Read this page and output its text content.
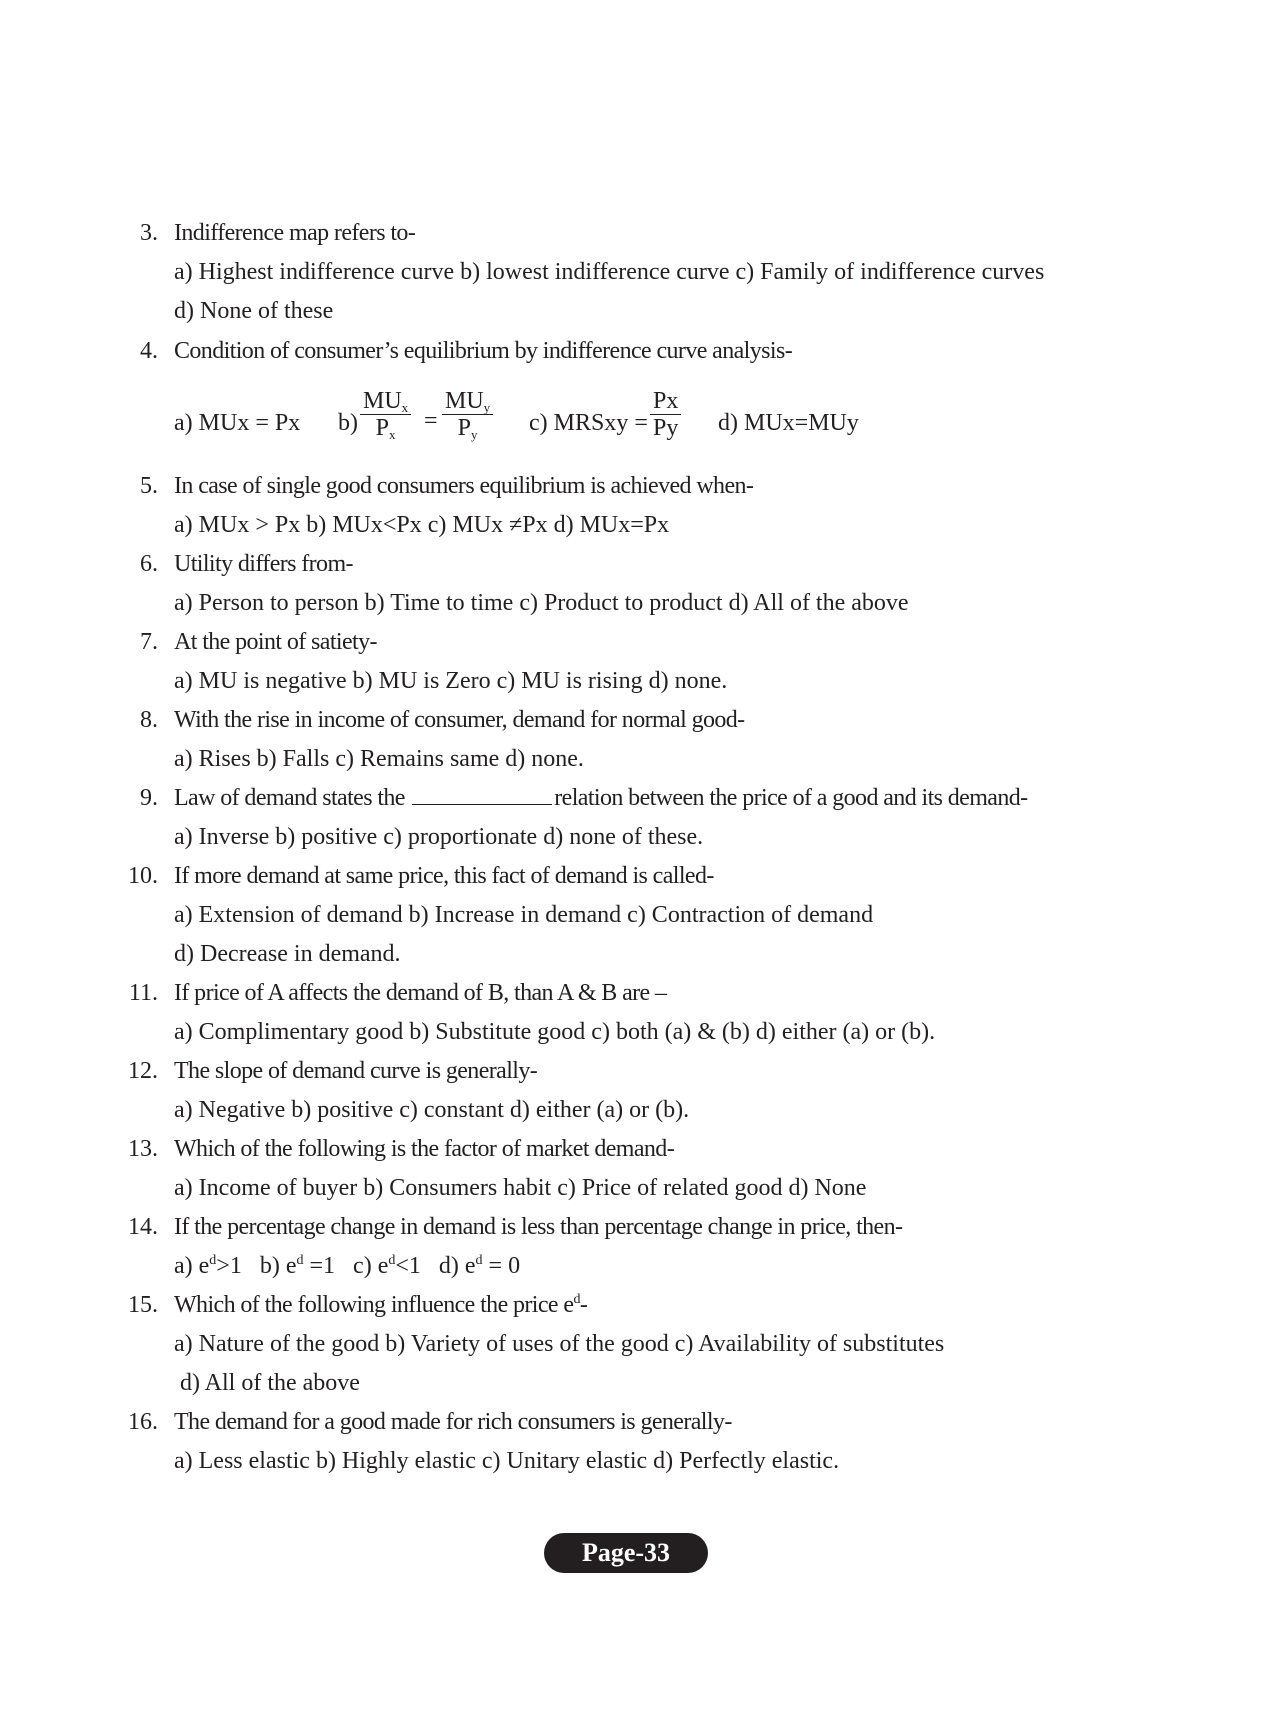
3. Indifference map refers to-
a) Highest indifference curve b) lowest indifference curve c) Family of indifference curves
d) None of these
4. Condition of consumer’s equilibrium by indifference curve analysis-
a) MUx = Px b)
$MU_x$
$P_x$
=
$MU_y$
$P_y$	c) MRSxy = $\frac{Px}{Py} d$) MUx=MUy
5. In case of single good consumers equilibrium is achieved when-
a) MUx > Px b) MUx<Px c) MUx ≠Px d) MUx=Px
6. Utility differs from-
a) Person to person b) Time to time c) Product to product d) All of the above
7. At the point of satiety-
a) MU is negative b) MU is Zero c) MU is rising d) none.
8. With the rise in income of consumer, demand for normal good-
a) Rises b) Falls c) Remains same d) none.
9. Law of demand states the	relation between the price of a good and its demand-
a) Inverse b) positive c) proportionate d) none of these.
10. If more demand at same price, this fact of demand is called-
a) Extension of demand b) Increase in demand c) Contraction of demand
d) Decrease in demand.
11. If price of A affects the demand of B, than A & B are –
a) Complimentary good b) Substitute good c) both (a) & (b) d) either (a) or (b).
12. The slope of demand curve is generally-
a) Negative b) positive c) constant d) either (a) or (b).
13. Which of the following is the factor of market demand-
a) Income of buyer b) Consumers habit c) Price of related good d) None
14. If the percentage change in demand is less than percentage change in price, then-
a) $e^d>1$ b) $e^d =1$ c) $e^d<1$ d) $e^d = 0$
15. Which of the following influence the price $e^d-$
a) Nature of the good b) Variety of uses of the good c) Availability of substitutes
d) All of the above
16. The demand for a good made for rich consumers is generally-
a) Less elastic b) Highly elastic c) Unitary elastic d) Perfectly elastic.
Page-33
